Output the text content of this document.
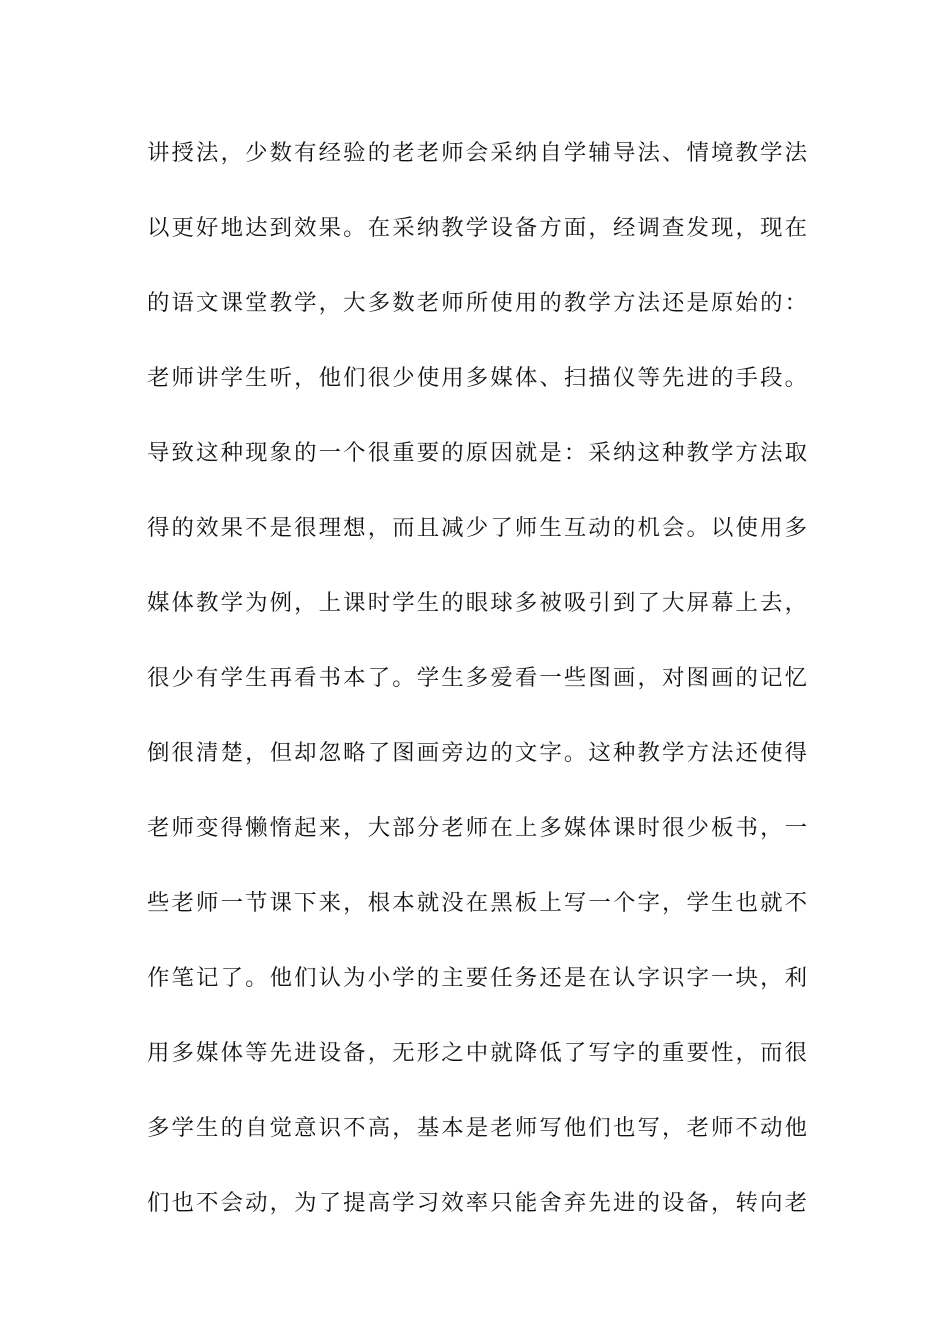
讲授法，少数有经验的老老师会采纳自学辅导法、情境教学法
以更好地达到效果。在采纳教学设备方面，经调查发现，现在
的语文课堂教学，大多数老师所使用的教学方法还是原始的：
老师讲学生听，他们很少使用多媒体、扫描仪等先进的手段。
导致这种现象的一个很重要的原因就是：采纳这种教学方法取
得的效果不是很理想，而且减少了师生互动的机会。以使用多
媒体教学为例，上课时学生的眼球多被吸引到了大屏幕上去，
很少有学生再看书本了。学生多爱看一些图画，对图画的记忆
倒很清楚，但却忽略了图画旁边的文字。这种教学方法还使得
老师变得懒惰起来，大部分老师在上多媒体课时很少板书，一
些老师一节课下来，根本就没在黑板上写一个字，学生也就不
作笔记了。他们认为小学的主要任务还是在认字识字一块，利
用多媒体等先进设备，无形之中就降低了写字的重要性，而很
多学生的自觉意识不高，基本是老师写他们也写，老师不动他
们也不会动，为了提高学习效率只能舍弃先进的设备，转向老
